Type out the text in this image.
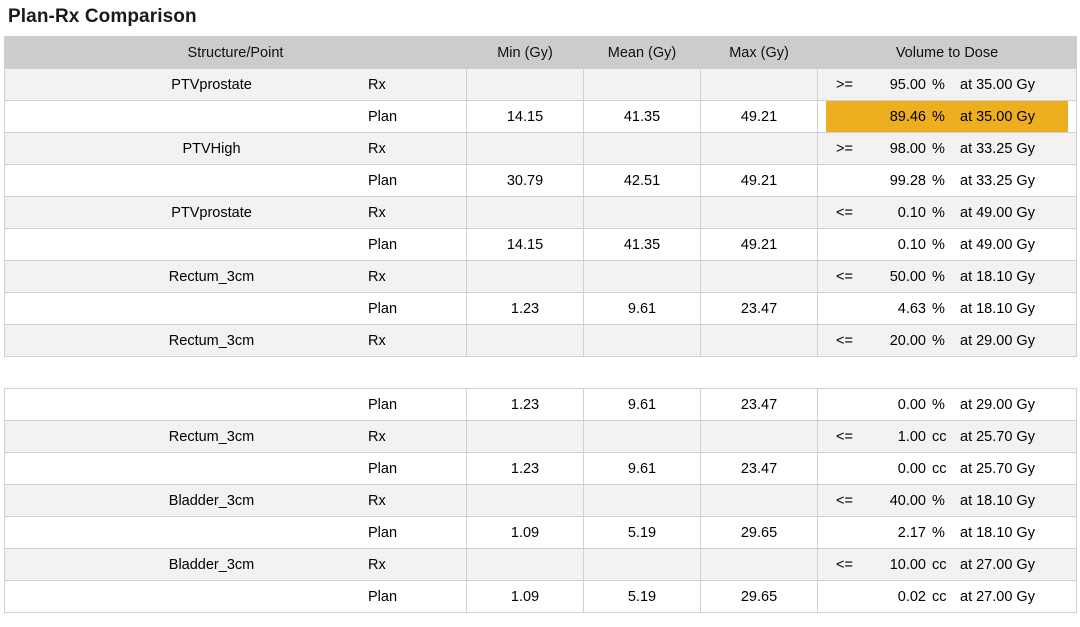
Plan-Rx Comparison
Structure/Point	Min (Gy)	Mean (Gy)	Max (Gy)	Volume to Dose

PTVprostate Rx				>= 95.00 % at 35.00 Gy

Plan	14.15	41.35	49.21	89.46 % at 35.00 Gy

PTVHigh Rx				>= 98.00 % at 33.25 Gy

Plan	30.79	42.51	49.21	99.28 % at 33.25 Gy

PTVprostate Rx				<= 0.10 % at 49.00 Gy

Plan	14.15	41.35	49.21	0.10 % at 49.00 Gy

Rectum_3cm Rx				<= 50.00 % at 18.10 Gy

Plan	1.23	9.61	23.47	4.63 % at 18.10 Gy

Rectum_3cm Rx				<= 20.00 % at 29.00 Gy

Plan	1.23	9.61	23.47	0.00 % at 29.00 Gy

Rectum_3cm Rx				<= 1.00 cc at 25.70 Gy

Plan	1.23	9.61	23.47	0.00 cc at 25.70 Gy

Bladder_3cm Rx				<= 40.00 % at 18.10 Gy

Plan	1.09	5.19	29.65	2.17 % at 18.10 Gy

Bladder_3cm Rx				<= 10.00 cc at 27.00 Gy

Plan	1.09	5.19	29.65	0.02 cc at 27.00 Gy
